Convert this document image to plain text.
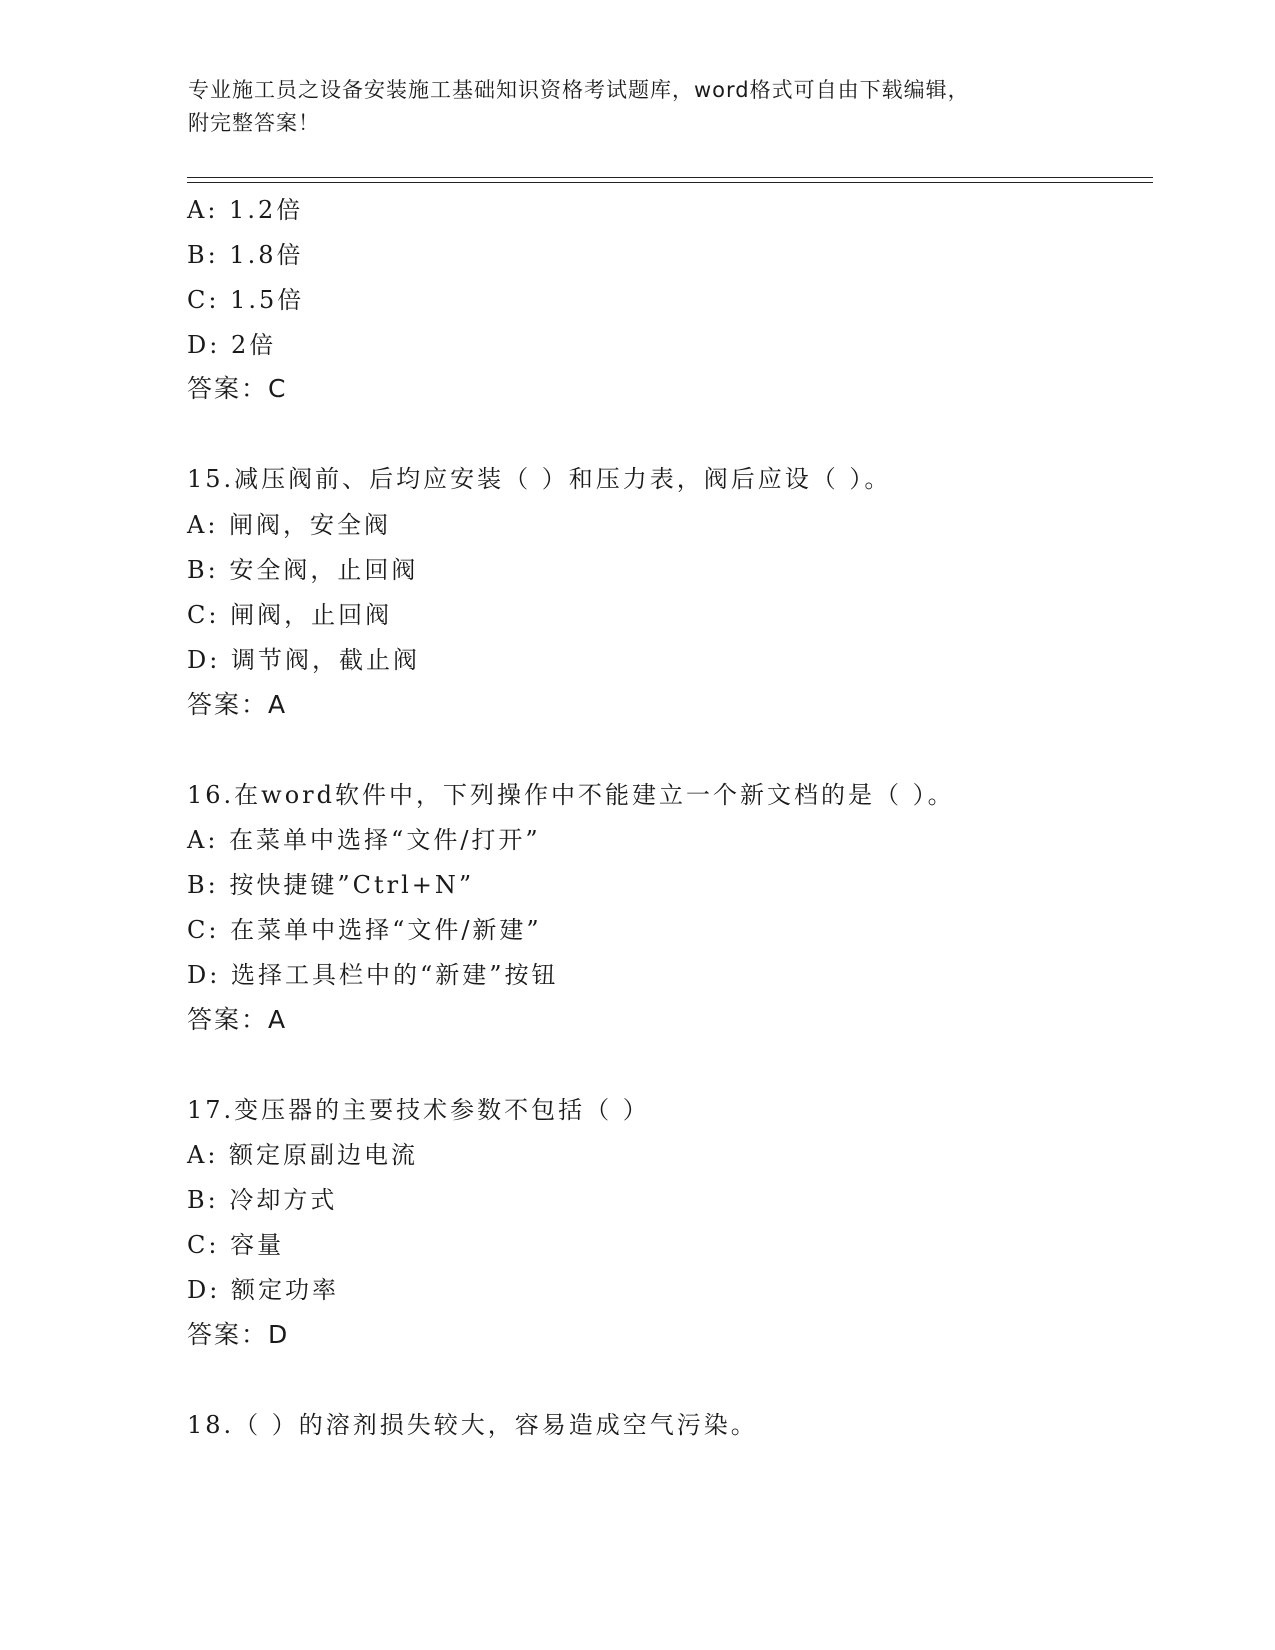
专业施工员之设备安装施工基础知识资格考试题库，word格式可自由下载编辑，
附完整答案！
A: 1.2倍
B: 1.8倍
C: 1.5倍
D: 2倍
答案：C
15.减压阀前、后均应安装（ ）和压力表，阀后应设（ ）。
A: 闸阀，安全阀
B: 安全阀，止回阀
C: 闸阀，止回阀
D: 调节阀，截止阀
答案：A
16.在word软件中，下列操作中不能建立一个新文档的是（ ）。
A: 在菜单中选择“文件/打开”
B: 按快捷键”Ctrl+N”
C: 在菜单中选择“文件/新建”
D: 选择工具栏中的“新建”按钮
答案：A
17.变压器的主要技术参数不包括（ ）
A: 额定原副边电流
B: 冷却方式
C: 容量
D: 额定功率
答案：D
18.（ ）的溶剂损失较大，容易造成空气污染。
